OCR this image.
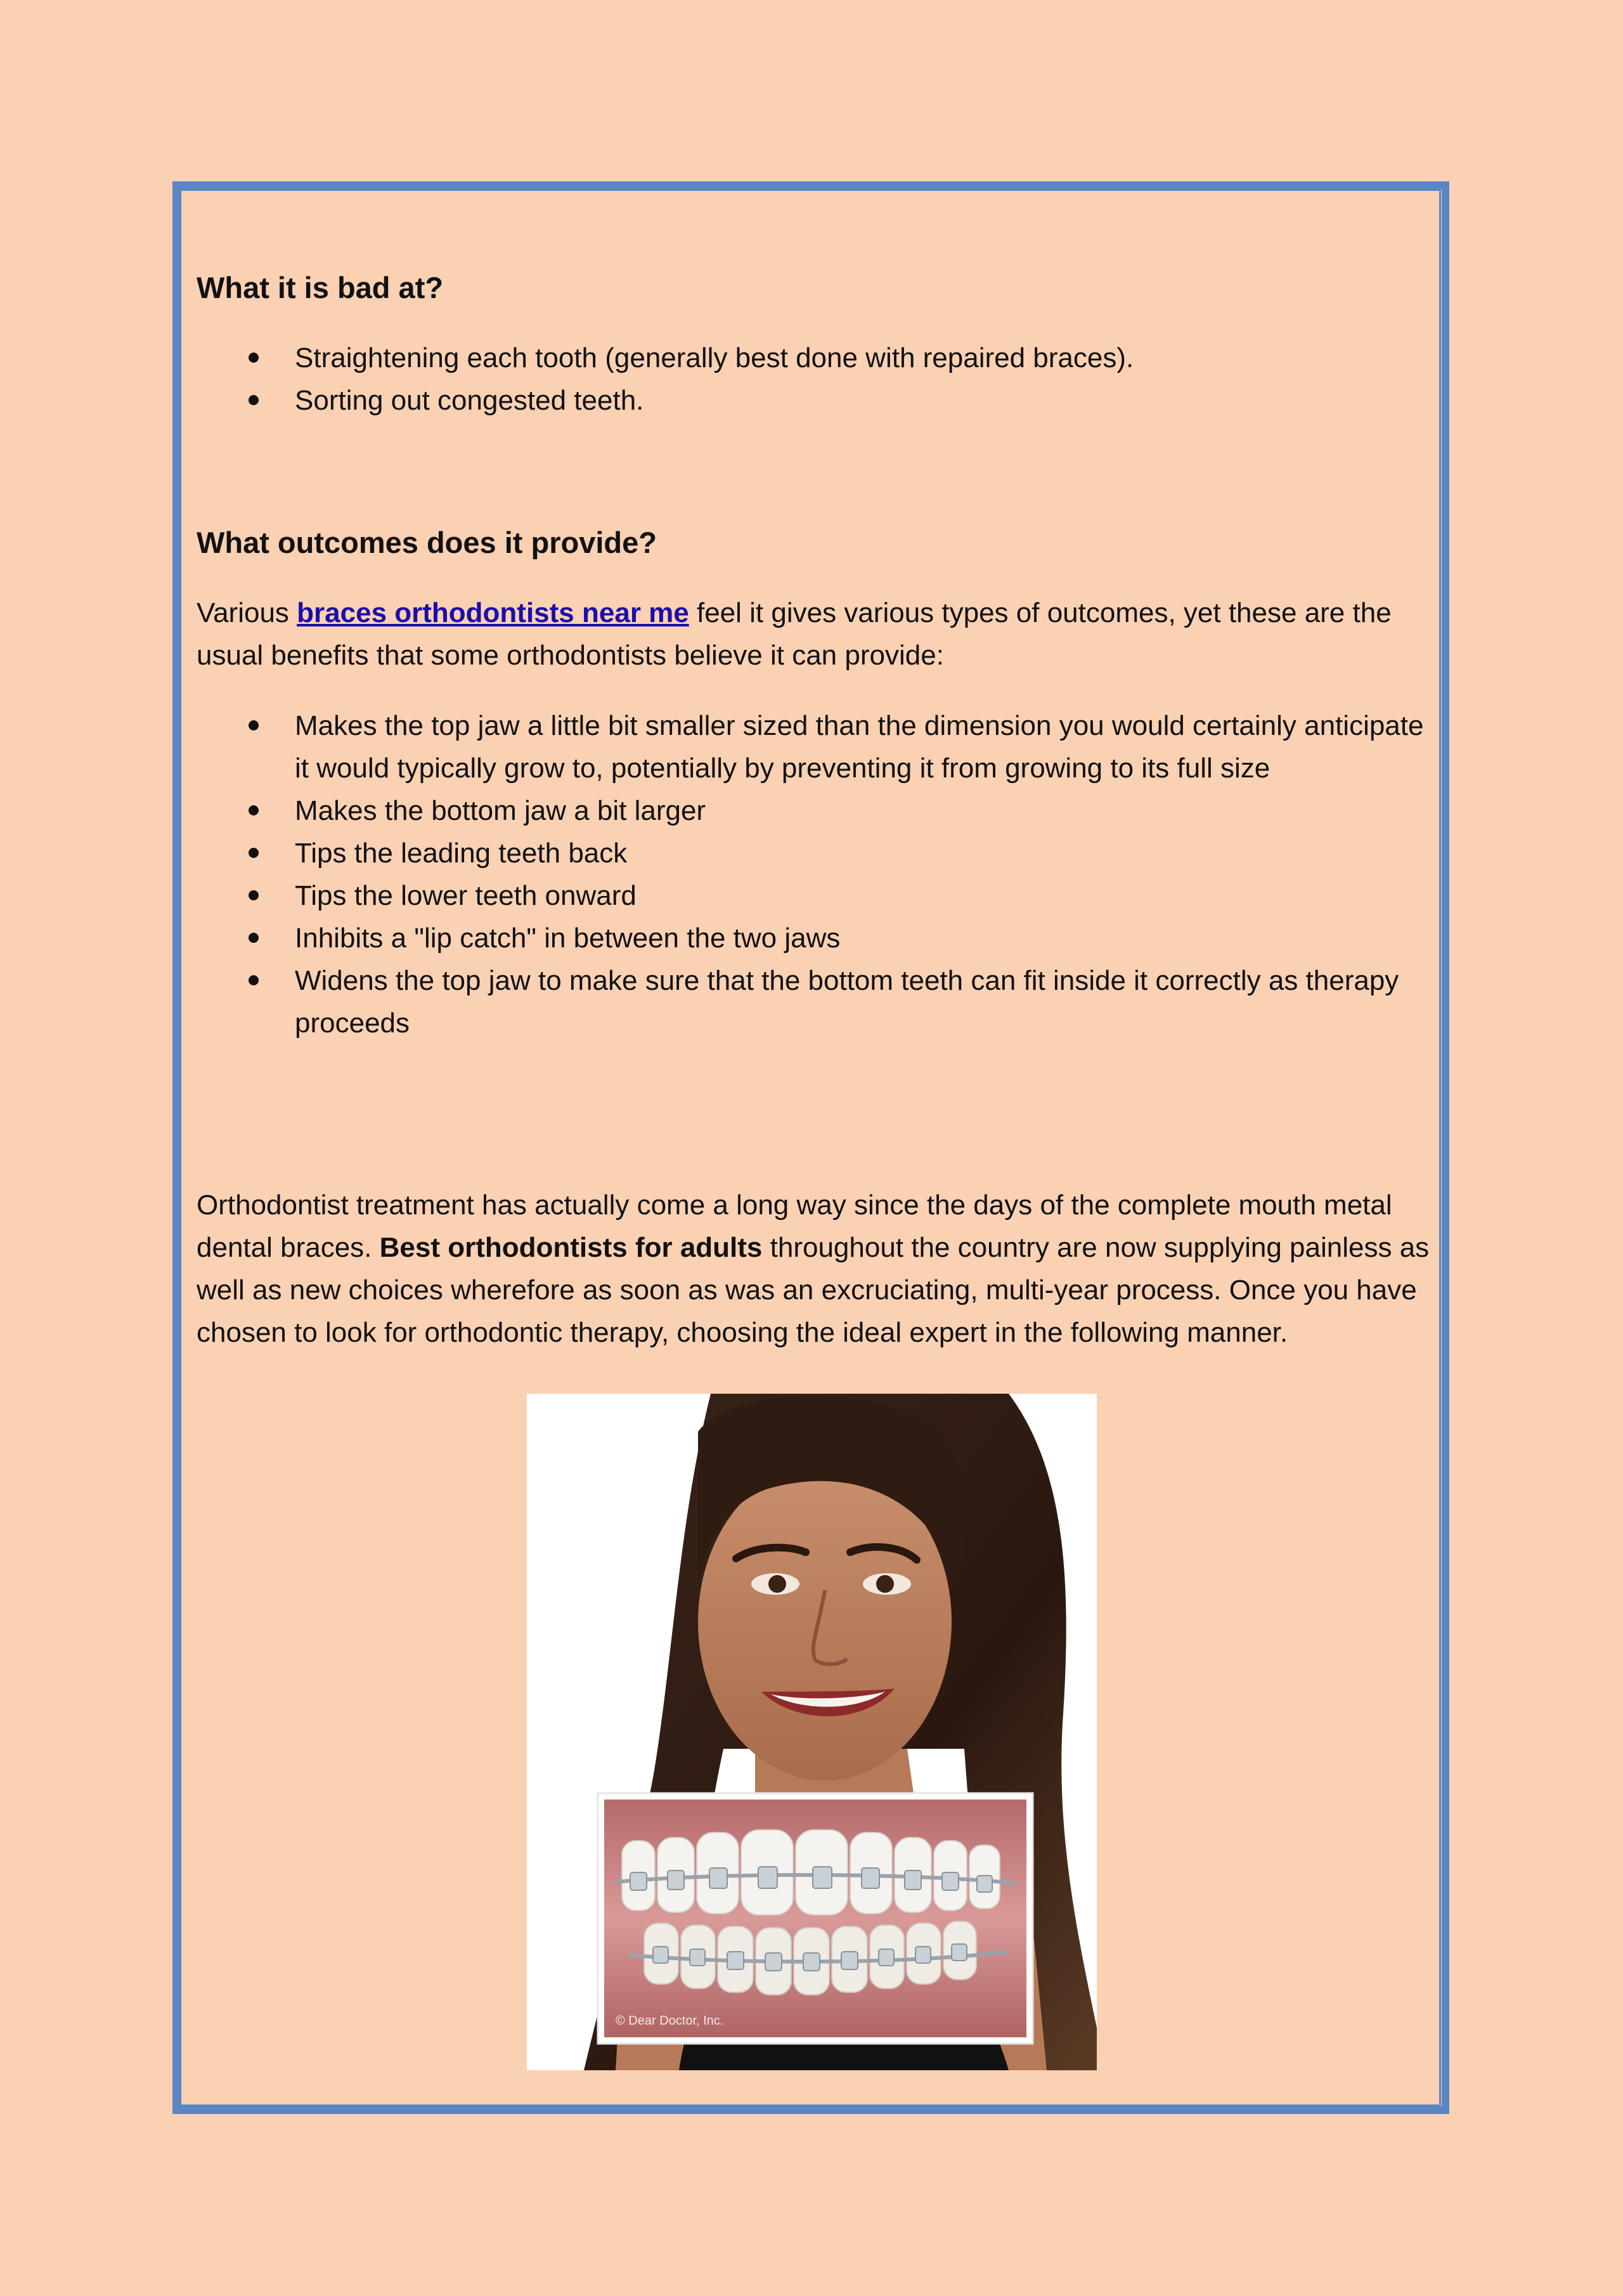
What it is bad at?
Straightening each tooth (generally best done with repaired braces).
Sorting out congested teeth.
What outcomes does it provide?

Various braces orthodontists near me feel it gives various types of outcomes, yet these are the usual benefits that some orthodontists believe it can provide:

Makes the top jaw a little bit smaller sized than the dimension you would certainly anticipate it would typically grow to, potentially by preventing it from growing to its full size
Makes the bottom jaw a bit larger
Tips the leading teeth back
Tips the lower teeth onward
Inhibits a "lip catch" in between the two jaws
Widens the top jaw to make sure that the bottom teeth can fit inside it correctly as therapy proceeds

Orthodontist treatment has actually come a long way since the days of the complete mouth metal dental braces. Best orthodontists for adults throughout the country are now supplying painless as well as new choices wherefore as soon as was an excruciating, multi-year process. Once you have chosen to look for orthodontic therapy, choosing the ideal expert in the following manner.

© Dear Doctor, Inc.
